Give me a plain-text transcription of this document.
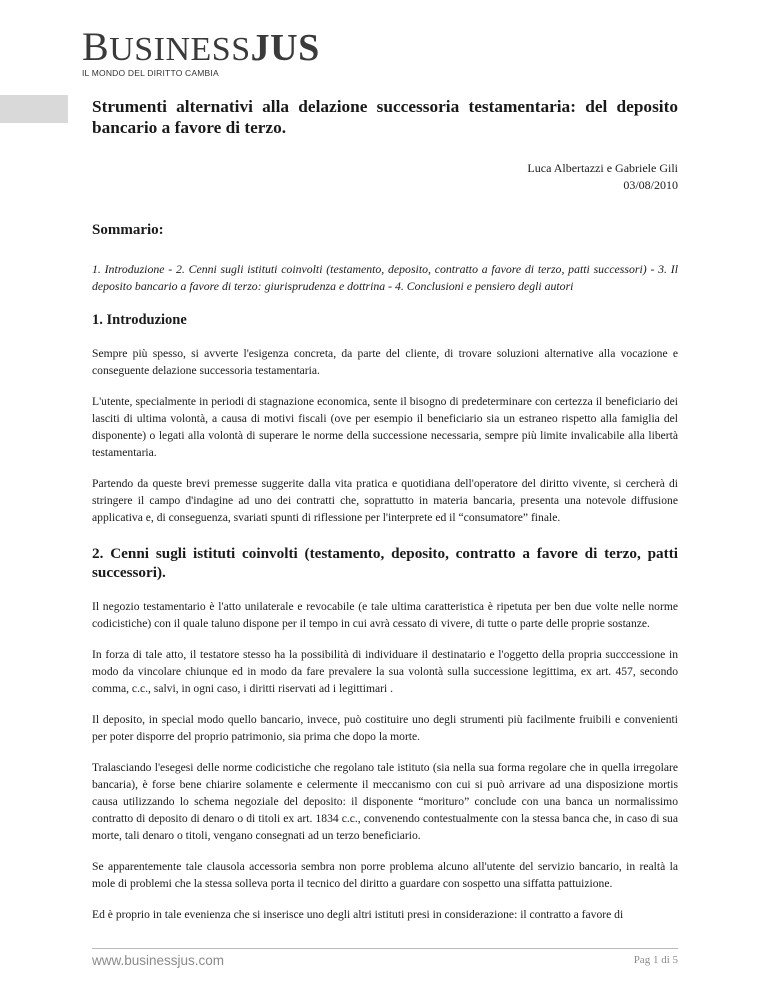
BUSINESSJUS
IL MONDO DEL DIRITTO CAMBIA
Strumenti alternativi alla delazione successoria testamentaria: del deposito bancario a favore di terzo.
Luca Albertazzi e Gabriele Gili
03/08/2010
Sommario:

1. Introduzione - 2. Cenni sugli istituti coinvolti (testamento, deposito, contratto a favore di terzo, patti successori) - 3. Il deposito bancario a favore di terzo: giurisprudenza e dottrina - 4. Conclusioni e pensiero degli autori

1. Introduzione

Sempre più spesso, si avverte l'esigenza concreta, da parte del cliente, di trovare soluzioni alternative alla vocazione e conseguente delazione successoria testamentaria.

L'utente, specialmente in periodi di stagnazione economica, sente il bisogno di predeterminare con certezza il beneficiario dei lasciti di ultima volontà, a causa di motivi fiscali (ove per esempio il beneficiario sia un estraneo rispetto alla famiglia del disponente) o legati alla volontà di superare le norme della successione necessaria, sempre più limite invalicabile alla libertà testamentaria.

Partendo da queste brevi premesse suggerite dalla vita pratica e quotidiana dell'operatore del diritto vivente, si cercherà di stringere il campo d'indagine ad uno dei contratti che, soprattutto in materia bancaria, presenta una notevole diffusione applicativa e, di conseguenza, svariati spunti di riflessione per l'interprete ed il “consumatore” finale.

2. Cenni sugli istituti coinvolti (testamento, deposito, contratto a favore di terzo, patti successori).

Il negozio testamentario è l'atto unilaterale e revocabile (e tale ultima caratteristica è ripetuta per ben due volte nelle norme codicistiche) con il quale taluno dispone per il tempo in cui avrà cessato di vivere, di tutte o parte delle proprie sostanze.

In forza di tale atto, il testatore stesso ha la possibilità di individuare il destinatario e l'oggetto della propria succcessione in modo da vincolare chiunque ed in modo da fare prevalere la sua volontà sulla successione legittima, ex art. 457, secondo comma, c.c., salvi, in ogni caso, i diritti riservati ad i legittimari .

Il deposito, in special modo quello bancario, invece, può costituire uno degli strumenti più facilmente fruibili e convenienti per poter disporre del proprio patrimonio, sia prima che dopo la morte.

Tralasciando l'esegesi delle norme codicistiche che regolano tale istituto (sia nella sua forma regolare che in quella irregolare bancaria), è forse bene chiarire solamente e celermente il meccanismo con cui si può arrivare ad una disposizione mortis causa utilizzando lo schema negoziale del deposito: il disponente “morituro” conclude con una banca un normalissimo contratto di deposito di denaro o di titoli ex art. 1834 c.c., convenendo contestualmente con la stessa banca che, in caso di sua morte, tali denaro o titoli, vengano consegnati ad un terzo beneficiario.

Se apparentemente tale clausola accessoria sembra non porre problema alcuno all'utente del servizio bancario, in realtà la mole di problemi che la stessa solleva porta il tecnico del diritto a guardare con sospetto una siffatta pattuizione.

Ed è proprio in tale evenienza che si inserisce uno degli altri istituti presi in considerazione: il contratto a favore di

www.businessjus.com	Pag 1 di 5
